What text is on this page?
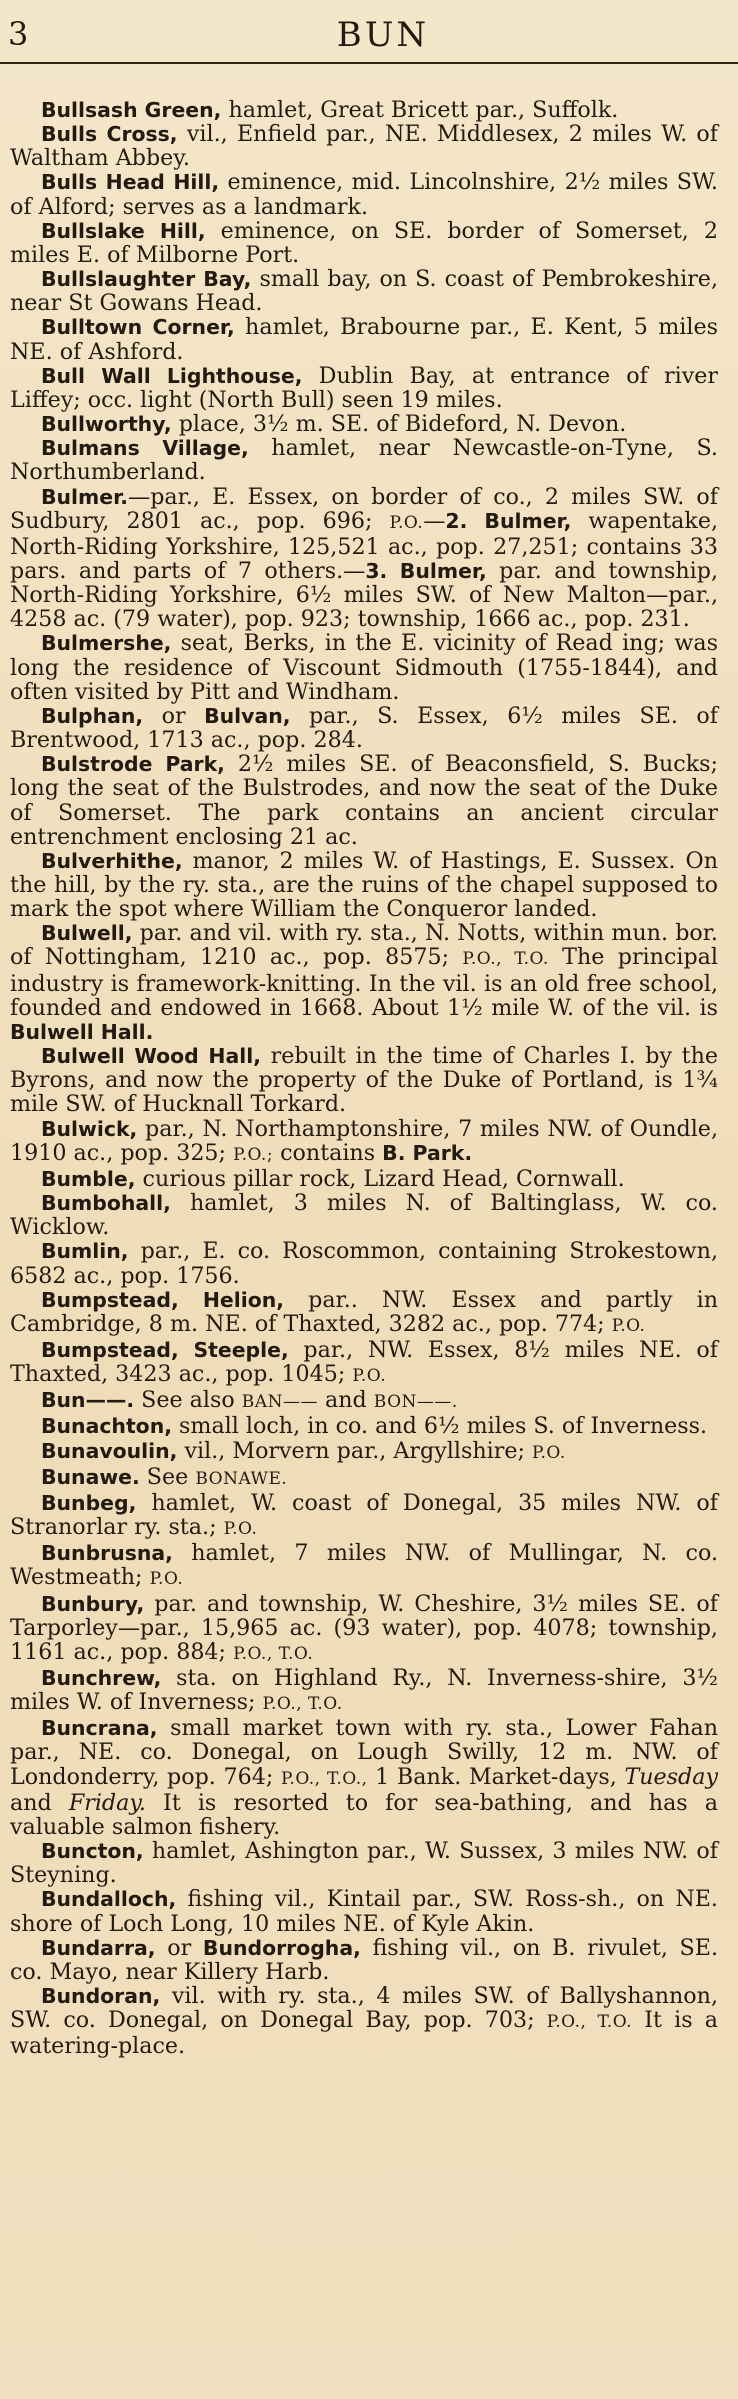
3	BUN

Bullsash Green, hamlet, Great Bricett par., Suffolk.

Bulls Cross, vil., Enfield par., NE. Middlesex, 2 miles W. of Waltham Abbey.

Bulls Head Hill, eminence, mid. Lincolnshire, 2½ miles SW. of Alford; serves as a landmark.

Bullslake Hill, eminence, on SE. border of Somerset, 2 miles E. of Milborne Port.

Bullslaughter Bay, small bay, on S. coast of Pembrokeshire, near St Gowans Head.

Bulltown Corner, hamlet, Brabourne par., E. Kent, 5 miles NE. of Ashford.

Bull Wall Lighthouse, Dublin Bay, at entrance of river Liffey; occ. light (North Bull) seen 19 miles.

Bullworthy, place, 3½ m. SE. of Bideford, N. Devon.

Bulmans Village, hamlet, near Newcastle-on-Tyne, S. Northumberland.

Bulmer.—par., E. Essex, on border of co., 2 miles SW. of Sudbury, 2801 ac., pop. 696; P.O.—2. Bulmer, wapentake, North-Riding Yorkshire, 125,521 ac., pop. 27,251; contains 33 pars. and parts of 7 others.—3. Bulmer, par. and township, North-Riding Yorkshire, 6½ miles SW. of New Malton—par., 4258 ac. (79 water), pop. 923; township, 1666 ac., pop. 231.

Bulmershe, seat, Berks, in the E. vicinity of Read ing; was long the residence of Viscount Sidmouth (1755-1844), and often visited by Pitt and Windham.

Bulphan, or Bulvan, par., S. Essex, 6½ miles SE. of Brentwood, 1713 ac., pop. 284.

Bulstrode Park, 2½ miles SE. of Beaconsfield, S. Bucks; long the seat of the Bulstrodes, and now the seat of the Duke of Somerset. The park contains an ancient circular entrenchment enclosing 21 ac.

Bulverhithe, manor, 2 miles W. of Hastings, E. Sussex. On the hill, by the ry. sta., are the ruins of the chapel supposed to mark the spot where William the Conqueror landed.

Bulwell, par. and vil. with ry. sta., N. Notts, within mun. bor. of Nottingham, 1210 ac., pop. 8575; P.O., T.O. The principal industry is framework-knitting. In the vil. is an old free school, founded and endowed in 1668. About 1½ mile W. of the vil. is Bulwell Hall.

Bulwell Wood Hall, rebuilt in the time of Charles I. by the Byrons, and now the property of the Duke of Portland, is 1¾ mile SW. of Hucknall Torkard.

Bulwick, par., N. Northamptonshire, 7 miles NW. of Oundle, 1910 ac., pop. 325; P.O.; contains B. Park.

Bumble, curious pillar rock, Lizard Head, Cornwall.

Bumbohall, hamlet, 3 miles N. of Baltinglass, W. co. Wicklow.

Bumlin, par., E. co. Roscommon, containing Strokestown, 6582 ac., pop. 1756.

Bumpstead, Helion, par.. NW. Essex and partly in Cambridge, 8 m. NE. of Thaxted, 3282 ac., pop. 774; P.O.

Bumpstead, Steeple, par., NW. Essex, 8½ miles NE. of Thaxted, 3423 ac., pop. 1045; P.O.

Bun——. See also BAN—— and BON——.

Bunachton, small loch, in co. and 6½ miles S. of Inverness.

Bunavoulin, vil., Morvern par., Argyllshire; P.O.

Bunawe. See BONAWE.

Bunbeg, hamlet, W. coast of Donegal, 35 miles NW. of Stranorlar ry. sta.; P.O.

Bunbrusna, hamlet, 7 miles NW. of Mullingar, N. co. Westmeath; P.O.

Bunbury, par. and township, W. Cheshire, 3½ miles SE. of Tarporley—par., 15,965 ac. (93 water), pop. 4078; township, 1161 ac., pop. 884; P.O., T.O.

Bunchrew, sta. on Highland Ry., N. Inverness-shire, 3½ miles W. of Inverness; P.O., T.O.

Buncrana, small market town with ry. sta., Lower Fahan par., NE. co. Donegal, on Lough Swilly, 12 m. NW. of Londonderry, pop. 764; P.O., T.O., 1 Bank. Market-days, Tuesday and Friday. It is resorted to for sea-bathing, and has a valuable salmon fishery.

Buncton, hamlet, Ashington par., W. Sussex, 3 miles NW. of Steyning.

Bundalloch, fishing vil., Kintail par., SW. Ross-sh., on NE. shore of Loch Long, 10 miles NE. of Kyle Akin.

Bundarra, or Bundorrogha, fishing vil., on B. rivulet, SE. co. Mayo, near Killery Harb.

Bundoran, vil. with ry. sta., 4 miles SW. of Ballyshannon, SW. co. Donegal, on Donegal Bay, pop. 703; P.O., T.O. It is a watering-place.
